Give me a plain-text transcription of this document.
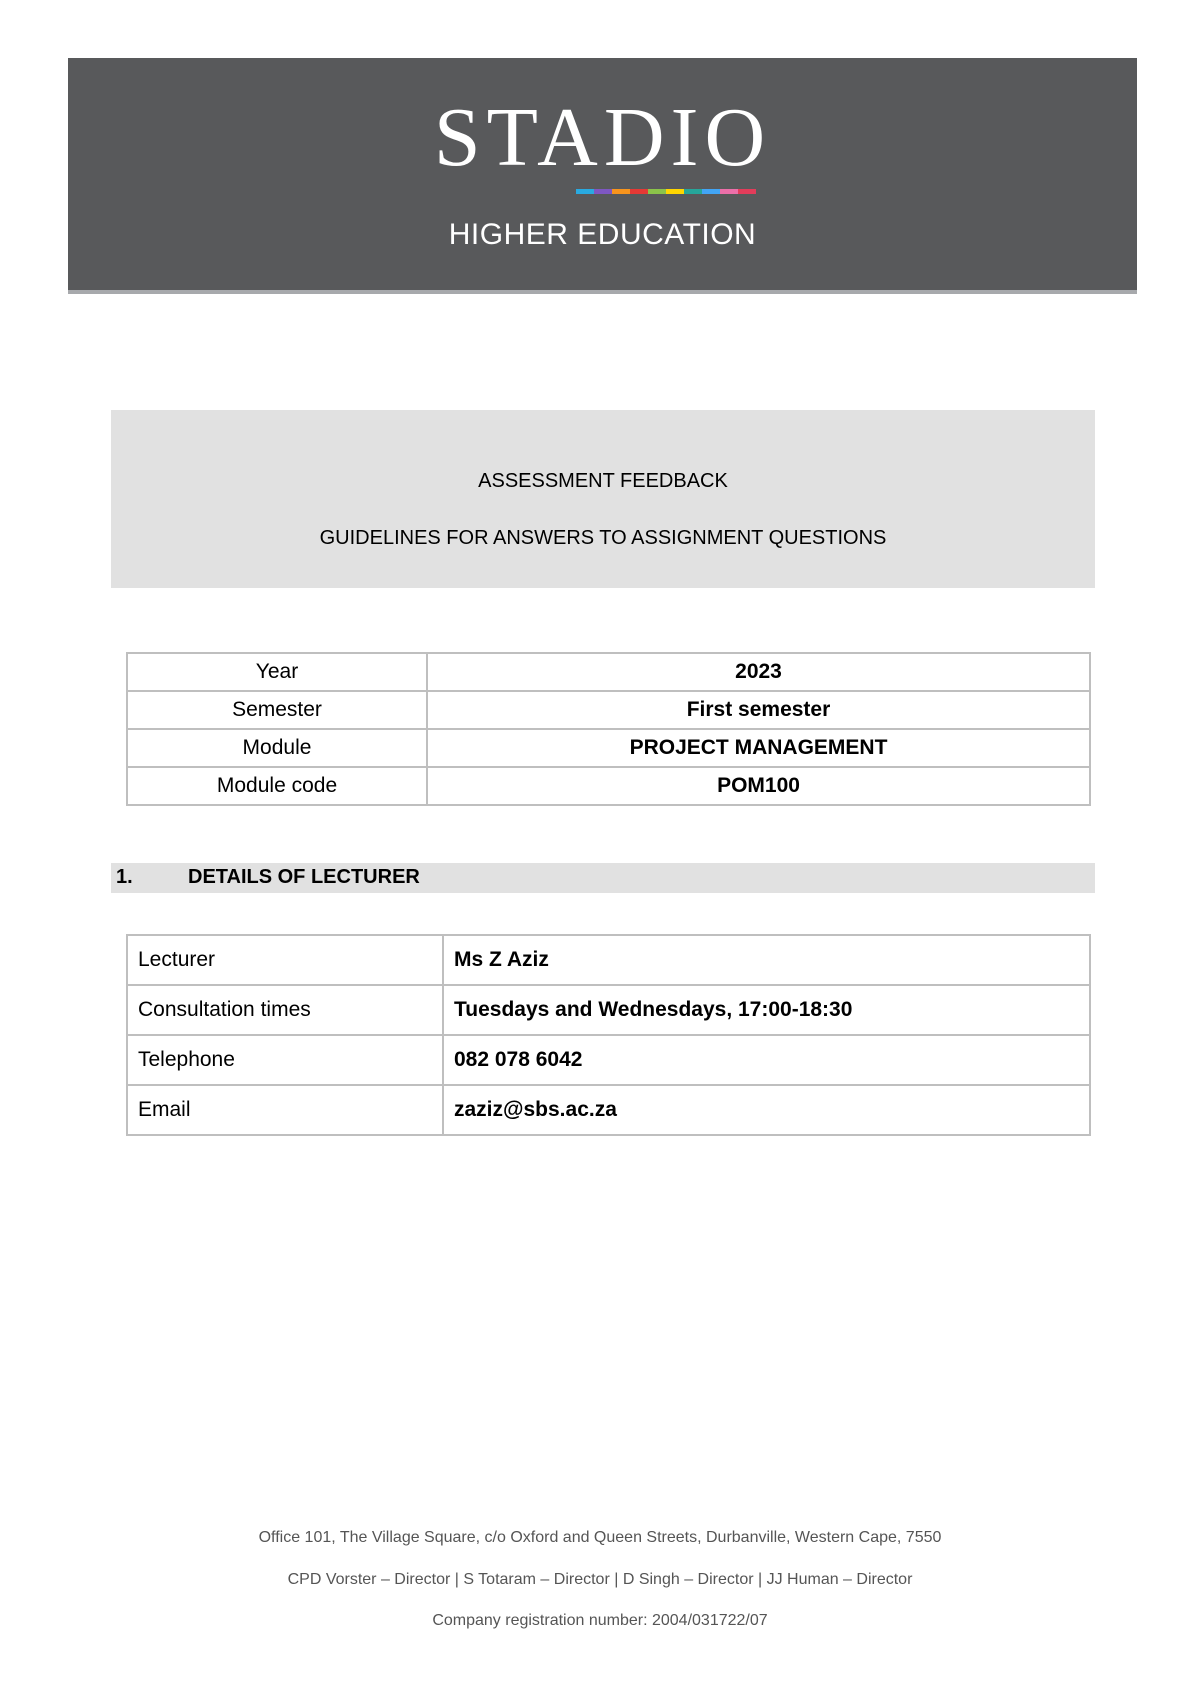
STADIO
HIGHER EDUCATION
ASSESSMENT FEEDBACK
GUIDELINES FOR ANSWERS TO ASSIGNMENT QUESTIONS
Year	2023
Semester	First semester
Module	PROJECT MANAGEMENT
Module code	POM100
1.	DETAILS OF LECTURER
Lecturer	Ms Z Aziz
Consultation times	Tuesdays and Wednesdays, 17:00-18:30
Telephone	082 078 6042
Email	zaziz@sbs.ac.za
Office 101, The Village Square, c/o Oxford and Queen Streets, Durbanville, Western Cape, 7550
CPD Vorster – Director | S Totaram – Director | D Singh – Director | JJ Human – Director
Company registration number: 2004/031722/07
